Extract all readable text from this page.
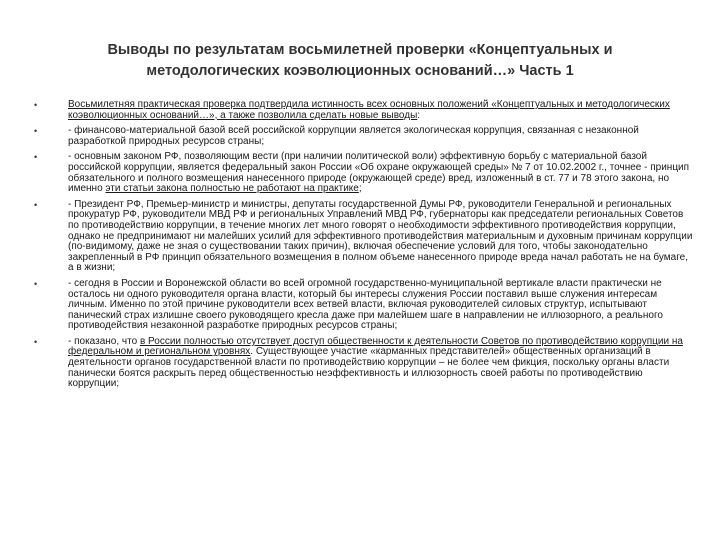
Выводы по результатам восьмилетней проверки «Концептуальных и
методологических коэволюционных оснований…» Часть 1
•	Восьмилетняя практическая проверка подтвердила истинность всех основных положений «Концептуальных и методологических коэволюционных оснований…», а также позволила сделать новые выводы:
•	- финансово-материальной базой всей российской коррупции является экологическая коррупция, связанная с незаконной разработкой природных ресурсов страны;
•	- основным законом РФ, позволяющим вести (при наличии политической воли) эффективную борьбу с материальной базой российской коррупции, является федеральный закон России «Об охране окружающей среды» № 7 от 10.02.2002 г., точнее - принцип обязательного и полного возмещения нанесенного природе (окружающей среде) вред, изложенный в ст. 77 и 78 этого закона, но именно эти статьи закона полностью не работают на практике;
•	- Президент РФ, Премьер-министр и министры, депутаты государственной Думы РФ, руководители Генеральной и региональных прокуратур РФ, руководители МВД РФ и региональных Управлений МВД РФ, губернаторы как председатели региональных Советов по противодействию коррупции, в течение многих лет много говорят о необходимости эффективного противодействия коррупции, однако не предпринимают ни малейших усилий для эффективного противодействия материальным и духовным причинам коррупции (по-видимому, даже не зная о существовании таких причин), включая обеспечение условий для того, чтобы законодательно закрепленный в РФ принцип обязательного возмещения в полном объеме нанесенного природе вреда начал работать не на бумаге, а в жизни;
•	- сегодня в России и Воронежской области во всей огромной государственно-муниципальной вертикале власти практически не осталось ни одного руководителя органа власти, который бы интересы служения России поставил выше служения интересам личным. Именно по этой причине руководители всех ветвей власти, включая руководителей силовых структур, испытывают панический страх излишне своего руководящего кресла даже при малейшем шаге в направлении не иллюзорного, а реального противодействия незаконной разработке природных ресурсов страны;
•	- показано, что в России полностью отсутствует доступ общественности к деятельности Советов по противодействию коррупции на федеральном и региональном уровнях. Существующее участие «карманных представителей» общественных организаций в деятельности органов государственной власти по противодействию коррупции – не более чем фикция, поскольку органы власти панически боятся раскрыть перед общественностью неэффективность и иллюзорность своей работы по противодействию коррупции;
